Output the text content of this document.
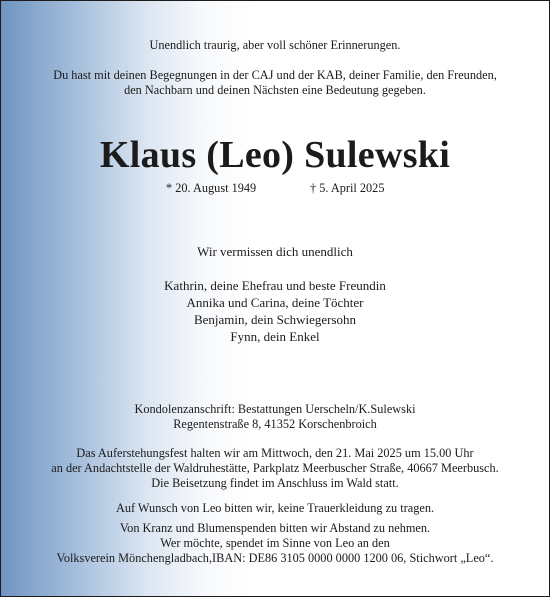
Unendlich traurig, aber voll schöner Erinnerungen.
Du hast mit deinen Begegnungen in der CAJ und der KAB, deiner Familie, den Freunden,
den Nachbarn und deinen Nächsten eine Bedeutung gegeben.
Klaus (Leo) Sulewski
* 20. August 1949	† 5. April 2025
Wir vermissen dich unendlich
Kathrin, deine Ehefrau und beste Freundin
Annika und Carina, deine Töchter
Benjamin, dein Schwiegersohn
Fynn, dein Enkel
Kondolenzanschrift: Bestattungen Uerscheln/K.Sulewski
Regentenstraße 8, 41352 Korschenbroich
Das Auferstehungsfest halten wir am Mittwoch, den 21. Mai 2025 um 15.00 Uhr
an der Andachtstelle der Waldruhestätte, Parkplatz Meerbuscher Straße, 40667 Meerbusch.
Die Beisetzung findet im Anschluss im Wald statt.
Auf Wunsch von Leo bitten wir, keine Trauerkleidung zu tragen.
Von Kranz und Blumenspenden bitten wir Abstand zu nehmen.
Wer möchte, spendet im Sinne von Leo an den
Volksverein Mönchengladbach,IBAN: DE86 3105 0000 0000 1200 06, Stichwort „Leo“.
